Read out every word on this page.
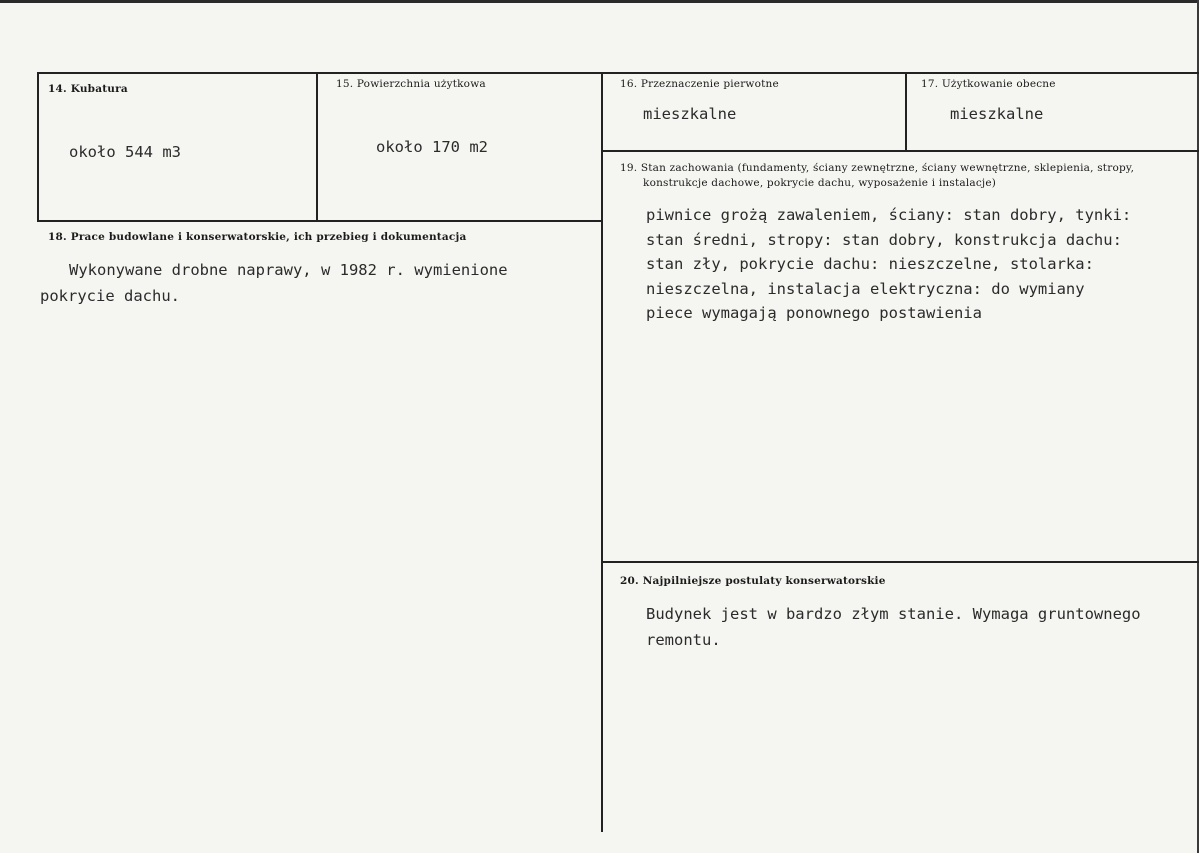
14. Kubatura
około 544 m3
15. Powierzchnia użytkowa
około 170 m2
16. Przeznaczenie pierwotne
mieszkalne
17. Użytkowanie obecne
mieszkalne
18. Prace budowlane i konserwatorskie, ich przebieg i dokumentacja
Wykonywane drobne naprawy, w 1982 r. wymienione
pokrycie dachu.
19. Stan zachowania (fundamenty, ściany zewnętrzne, ściany wewnętrzne, sklepienia, stropy,
konstrukcje dachowe, pokrycie dachu, wyposażenie i instalacje)
piwnice grożą zawaleniem, ściany: stan dobry, tynki:
stan średni, stropy: stan dobry, konstrukcja dachu:
stan zły, pokrycie dachu: nieszczelne, stolarka:
nieszczelna, instalacja elektryczna: do wymiany
piece wymagają ponownego postawienia
20. Najpilniejsze postulaty konserwatorskie
Budynek jest w bardzo złym stanie. Wymaga gruntownego
remontu.
